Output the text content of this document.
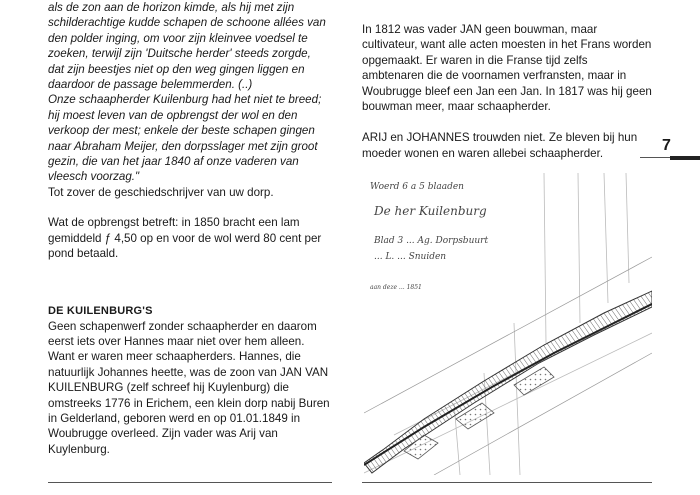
als de zon aan de horizon kimde, als hij met zijn schilderachtige kudde schapen de schoone allées van den polder inging, om voor zijn kleinvee voedsel te zoeken, terwijl zijn 'Duitsche herder' steeds zorgde, dat zijn beestjes niet op den weg gingen liggen en daardoor de passage belemmerden. (..)

Onze schaapherder Kuilenburg had het niet te breed; hij moest leven van de opbrengst der wol en den verkoop der mest; enkele der beste schapen gingen naar Abraham Meijer, den dorpsslager met zijn groot gezin, die van het jaar 1840 af onze vaderen van vleesch voorzag."

Tot zover de geschiedschrijver van uw dorp.

Wat de opbrengst betreft: in 1850 bracht een lam gemiddeld ƒ 4,50 op en voor de wol werd 80 cent per pond betaald.

DE KUILENBURG'S

Geen schapenwerf zonder schaapherder en daarom eerst iets over Hannes maar niet over hem alleen. Want er waren meer schaapherders. Hannes, die natuurlijk Johannes heette, was de zoon van JAN VAN KUILENBURG (zelf schreef hij Kuylenburg) die omstreeks 1776 in Erichem, een klein dorp nabij Buren in Gelderland, geboren werd en op 01.01.1849 in Woubrugge overleed. Zijn vader was Arij van Kuylenburg.

In 1812 was vader JAN geen bouwman, maar cultivateur, want alle acten moesten in het Frans worden opgemaakt. Er waren in die Franse tijd zelfs ambtenaren die de voornamen verfransten, maar in Woubrugge bleef een Jan een Jan. In 1817 was hij geen bouwman meer, maar schaapherder.

ARIJ en JOHANNES trouwden niet. Ze bleven bij hun moeder wonen en waren allebei schaapherder.	7
Woerd 6 a 5 blaaden
De her Kuilenburg
Blad 3 ... Ag. Dorpsbuurt
... L. ... Snuiden
aan deze ... 1851
